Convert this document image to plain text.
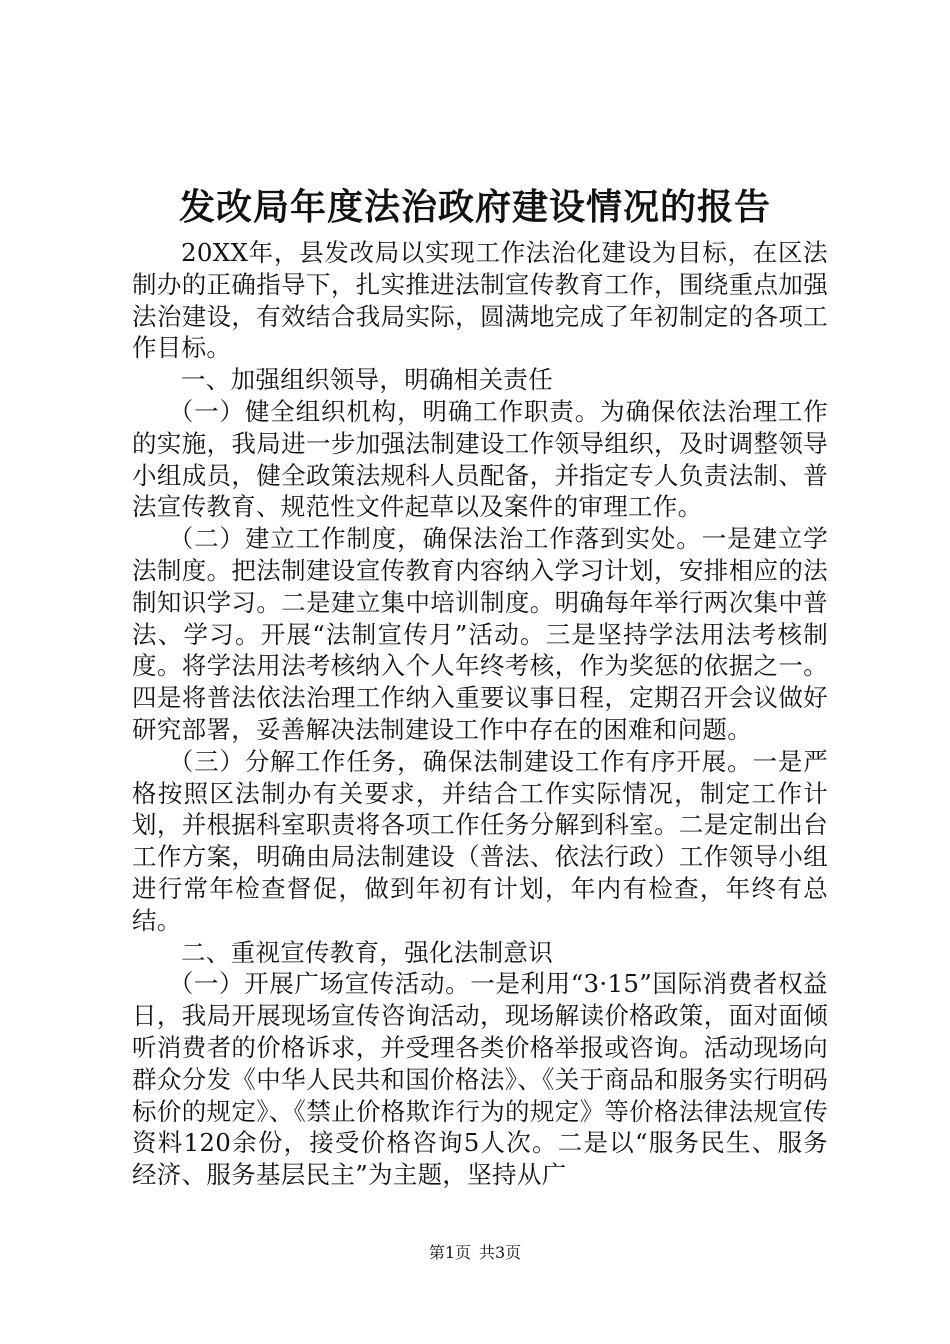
发改局年度法治政府建设情况的报告

20XX年，县发改局以实现工作法治化建设为目标，在区法制办的正确指导下，扎实推进法制宣传教育工作，围绕重点加强法治建设，有效结合我局实际，圆满地完成了年初制定的各项工作目标。

一、加强组织领导，明确相关责任

（一）健全组织机构，明确工作职责。为确保依法治理工作的实施，我局进一步加强法制建设工作领导组织，及时调整领导小组成员，健全政策法规科人员配备，并指定专人负责法制、普法宣传教育、规范性文件起草以及案件的审理工作。

（二）建立工作制度，确保法治工作落到实处。一是建立学法制度。把法制建设宣传教育内容纳入学习计划，安排相应的法制知识学习。二是建立集中培训制度。明确每年举行两次集中普法、学习。开展“法制宣传月”活动。三是坚持学法用法考核制度。将学法用法考核纳入个人年终考核，作为奖惩的依据之一。四是将普法依法治理工作纳入重要议事日程，定期召开会议做好研究部署，妥善解决法制建设工作中存在的困难和问题。

（三）分解工作任务，确保法制建设工作有序开展。一是严格按照区法制办有关要求，并结合工作实际情况，制定工作计划，并根据科室职责将各项工作任务分解到科室。二是定制出台工作方案，明确由局法制建设（普法、依法行政）工作领导小组进行常年检查督促，做到年初有计划，年内有检查，年终有总结。

二、重视宣传教育，强化法制意识

（一）开展广场宣传活动。一是利用“3·15”国际消费者权益日，我局开展现场宣传咨询活动，现场解读价格政策，面对面倾听消费者的价格诉求，并受理各类价格举报或咨询。活动现场向群众分发《中华人民共和国价格法》、《关于商品和服务实行明码标价的规定》、《禁止价格欺诈行为的规定》等价格法律法规宣传资料120余份，接受价格咨询5人次。二是以“服务民生、服务经济、服务基层民主”为主题，坚持从广

第1页 共3页
